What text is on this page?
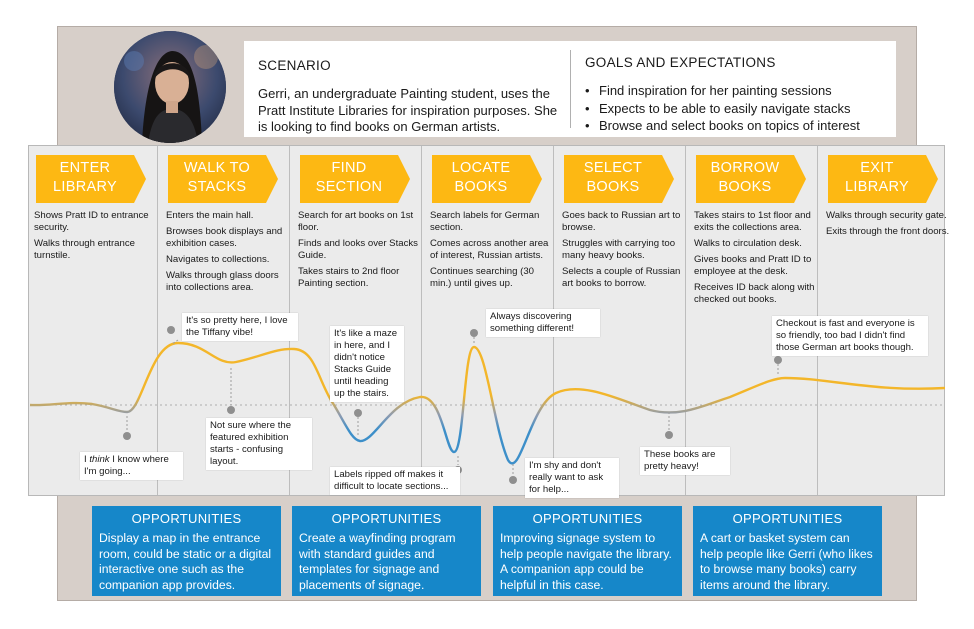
SCENARIO
Gerri, an undergraduate Painting student, uses the Pratt Institute Libraries for inspiration purposes. She is looking to find books on German artists.
GOALS AND EXPECTATIONS
• Find inspiration for her painting sessions
• Expects to be able to easily navigate stacks
• Browse and select books on topics of interest
ENTER
LIBRARY
WALK TO
STACKS
FIND
SECTION
LOCATE
BOOKS
SELECT
BOOKS
BORROW
BOOKS
EXIT
LIBRARY

Shows Pratt ID to entrance security.

Walks through entrance turnstile.

Enters the main hall.

Browses book displays and exhibition cases.

Navigates to collections.

Walks through glass doors into collections area.

Search for art books on 1st floor.

Finds and looks over Stacks Guide.

Takes stairs to 2nd floor Painting section.

Search labels for German section.

Comes across another area of interest, Russian artists.

Continues searching (30 min.) until gives up.

Goes back to Russian art to browse.

Struggles with carrying too many heavy books.

Selects a couple of Russian art books to borrow.

Takes stairs to 1st floor and exits the collections area.

Walks to circulation desk.

Gives books and Pratt ID to employee at the desk.

Receives ID back along with checked out books.

Walks through security gate.

Exits through the front doors.

I think I know where I'm going...
It's so pretty here, I love the Tiffany vibe!
Not sure where the featured exhibition starts - confusing layout.
It's like a maze in here, and I didn't notice Stacks Guide until heading up the stairs.
Labels ripped off makes it difficult to locate sections...
Always discovering something different!
I'm shy and don't really want to ask for help...
These books are pretty heavy!
Checkout is fast and everyone is so friendly, too bad I didn't find those German art books though.
OPPORTUNITIES
Display a map in the entrance room, could be static or a digital interactive one such as the companion app provides.
OPPORTUNITIES
Create a wayfinding program with standard guides and templates for signage and placements of signage.
OPPORTUNITIES
Improving signage system to help people navigate the library. A companion app could be helpful in this case.
OPPORTUNITIES
A cart or basket system can help people like Gerri (who likes to browse many books) carry items around the library.
